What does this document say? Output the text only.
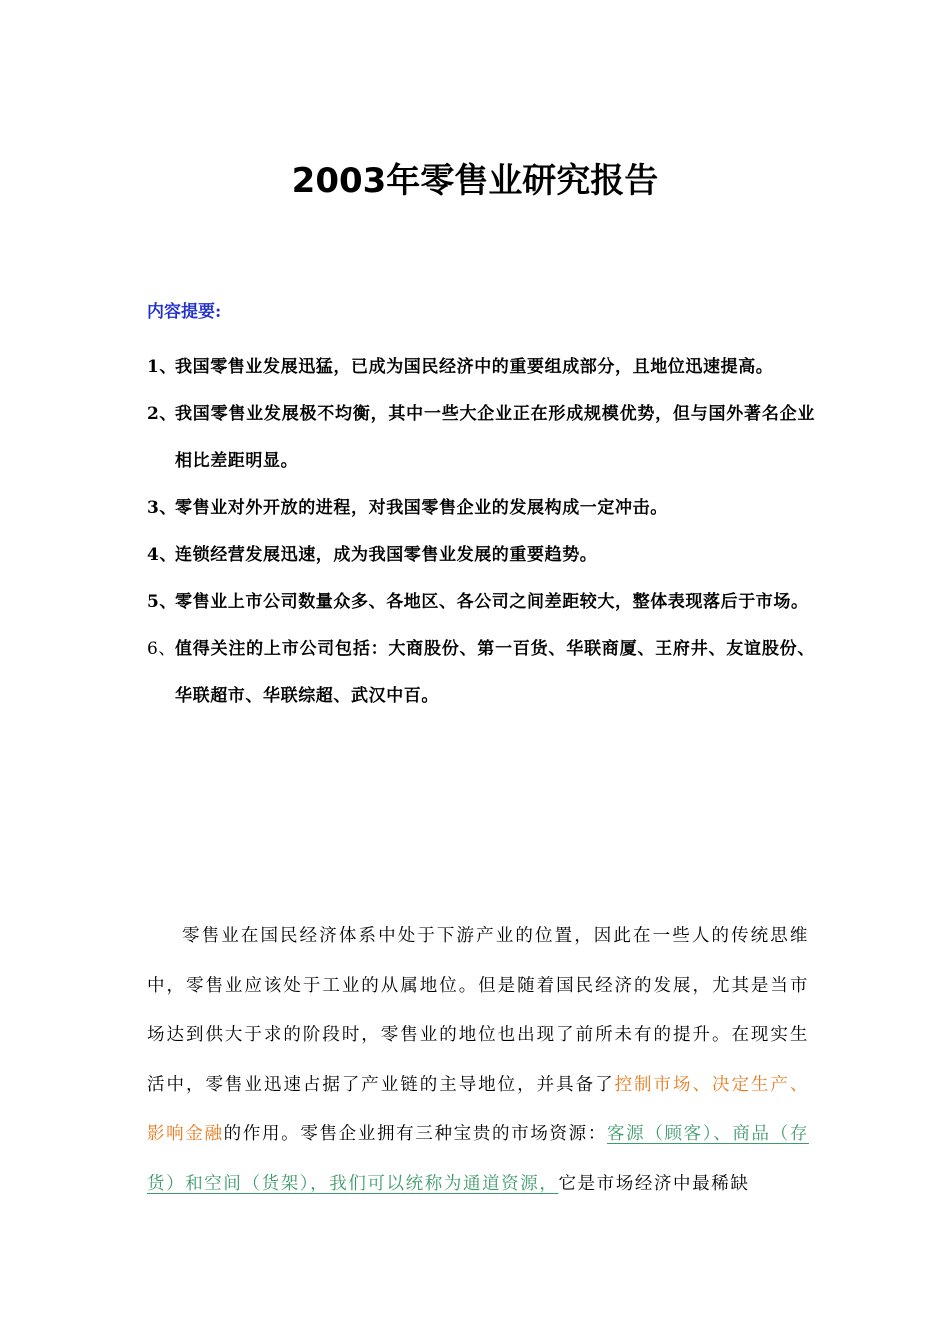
2003年零售业研究报告
内容提要:
1、
我国零售业发展迅猛，已成为国民经济中的重要组成部分，且地位迅速提高。
2、
我国零售业发展极不均衡，其中一些大企业正在形成规模优势，但与国外著名企业相比差距明显。
3、
零售业对外开放的进程，对我国零售企业的发展构成一定冲击。
4、
连锁经营发展迅速，成为我国零售业发展的重要趋势。
5、
零售业上市公司数量众多、各地区、各公司之间差距较大，整体表现落后于市场。
6、
值得关注的上市公司包括：大商股份、第一百货、华联商厦、王府井、友谊股份、华联超市、华联综超、武汉中百。

零售业在国民经济体系中处于下游产业的位置，因此在一些人的传统思维中，零售业应该处于工业的从属地位。但是随着国民经济的发展，尤其是当市场达到供大于求的阶段时，零售业的地位也出现了前所未有的提升。在现实生活中，零售业迅速占据了产业链的主导地位，并具备了控制市场、决定生产、影响金融的作用。零售企业拥有三种宝贵的市场资源：客源（顾客）、商品（存货）和空间（货架），我们可以统称为通道资源，它是市场经济中最稀缺
